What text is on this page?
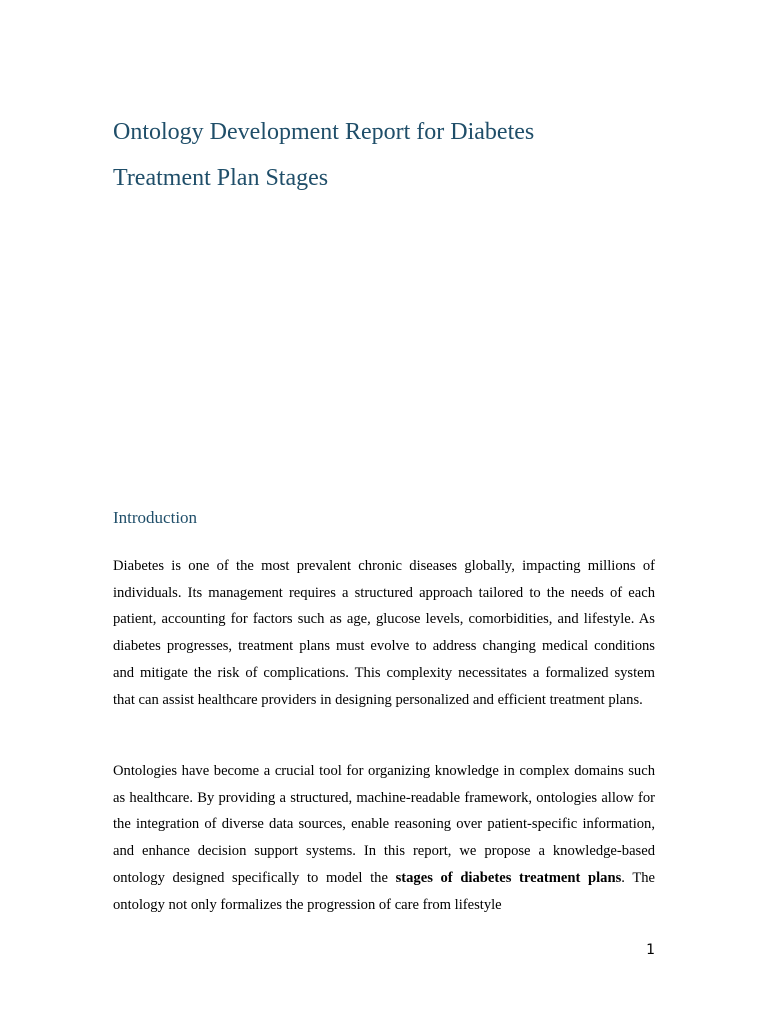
Ontology Development Report for Diabetes
Treatment Plan Stages
Introduction

Diabetes is one of the most prevalent chronic diseases globally, impacting millions of individuals. Its management requires a structured approach tailored to the needs of each patient, accounting for factors such as age, glucose levels, comorbidities, and lifestyle. As diabetes progresses, treatment plans must evolve to address changing medical conditions and mitigate the risk of complications. This complexity necessitates a formalized system that can assist healthcare providers in designing personalized and efficient treatment plans.

Ontologies have become a crucial tool for organizing knowledge in complex domains such as healthcare. By providing a structured, machine-readable framework, ontologies allow for the integration of diverse data sources, enable reasoning over patient-specific information, and enhance decision support systems. In this report, we propose a knowledge-based ontology designed specifically to model the stages of diabetes treatment plans. The ontology not only formalizes the progression of care from lifestyle

1
